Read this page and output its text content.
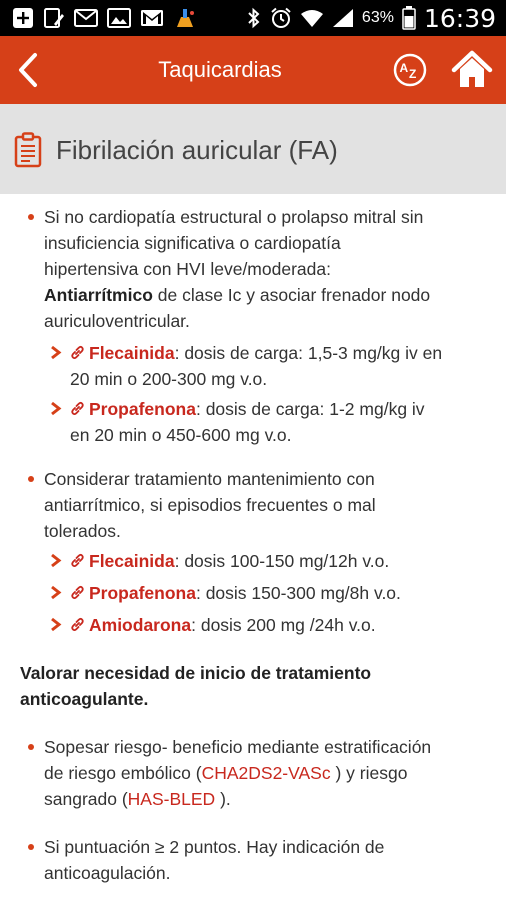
63% 16:39
Taquicardias	A Z
Fibrilación auricular (FA)
Si no cardiopatía estructural o prolapso mitral sin
insuficiencia significativa o cardiopatía
hipertensiva con HVI leve/moderada:
Antiarrítmico de clase Ic y asociar frenador nodo
auriculoventricular.
Flecainida: dosis de carga: 1,5-3 mg/kg iv en
20 min o 200-300 mg v.o.
Propafenona: dosis de carga: 1-2 mg/kg iv
en 20 min o 450-600 mg v.o.
Considerar tratamiento mantenimiento con
antiarrítmico, si episodios frecuentes o mal
tolerados.
Flecainida: dosis 100-150 mg/12h v.o.
Propafenona: dosis 150-300 mg/8h v.o.
Amiodarona: dosis 200 mg /24h v.o.
Valorar necesidad de inicio de tratamiento
anticoagulante.
Sopesar riesgo- beneficio mediante estratificación
de riesgo embólico (CHA2DS2-VASc ) y riesgo
sangrado (HAS-BLED ).
Si puntuación ≥ 2 puntos. Hay indicación de
anticoagulación.
